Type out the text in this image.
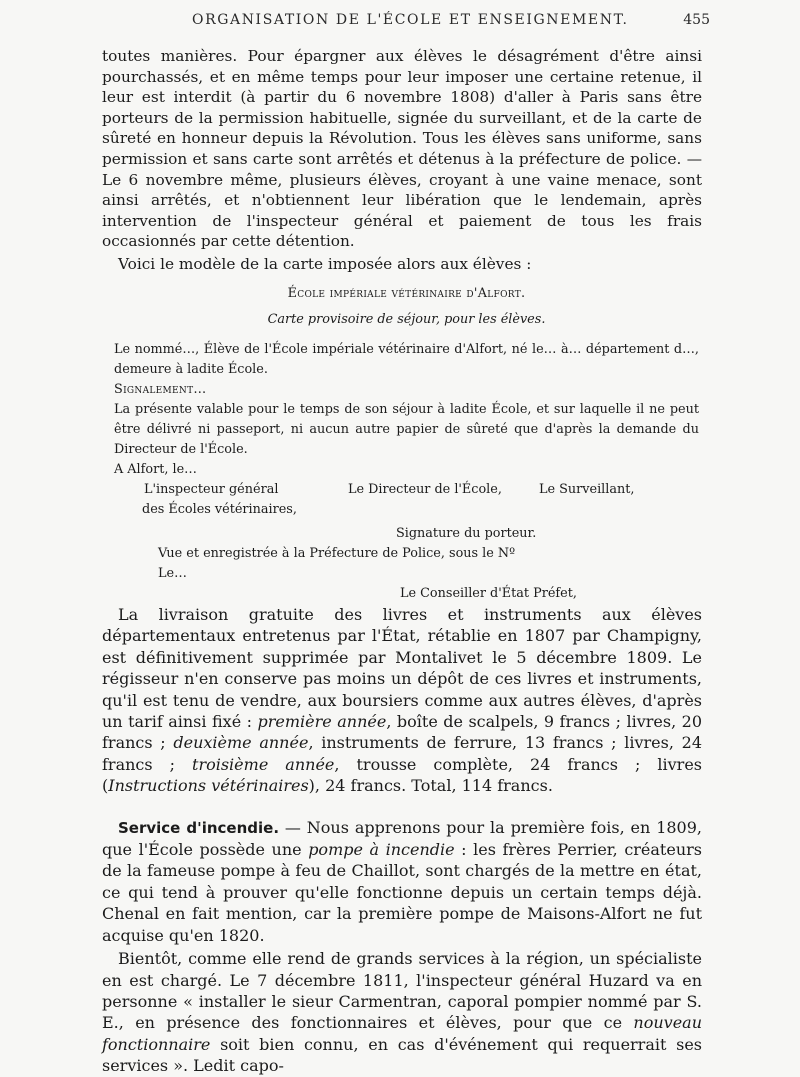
ORGANISATION DE L'ÉCOLE ET ENSEIGNEMENT.	455

toutes manières. Pour épargner aux élèves le désagrément d'être ainsi pourchassés, et en même temps pour leur imposer une certaine retenue, il leur est interdit (à partir du 6 novembre 1808) d'aller à Paris sans être porteurs de la permission habituelle, signée du surveillant, et de la carte de sûreté en honneur depuis la Révolution. Tous les élèves sans uniforme, sans permission et sans carte sont arrêtés et détenus à la préfecture de police. — Le 6 novembre même, plusieurs élèves, croyant à une vaine menace, sont ainsi arrêtés, et n'obtiennent leur libération que le lendemain, après intervention de l'inspecteur général et paiement de tous les frais occasionnés par cette détention.

Voici le modèle de la carte imposée alors aux élèves :

École impériale vétérinaire d'Alfort.

Carte provisoire de séjour, pour les élèves.

Le nommé…, Élève de l'École impériale vétérinaire d'Alfort, né le… à… département d…, demeure à ladite École.

Signalement…

La présente valable pour le temps de son séjour à ladite École, et sur laquelle il ne peut être délivré ni passeport, ni aucun autre papier de sûreté que d'après la demande du Directeur de l'École.

A Alfort, le…

L'inspecteur général	Le Directeur de l'École,	Le Surveillant,

des Écoles vétérinaires,

Signature du porteur.

Vue et enregistrée à la Préfecture de Police, sous le Nº

Le…

Le Conseiller d'État Préfet,

La livraison gratuite des livres et instruments aux élèves départementaux entretenus par l'État, rétablie en 1807 par Champigny, est définitivement supprimée par Montalivet le 5 décembre 1809. Le régisseur n'en conserve pas moins un dépôt de ces livres et instruments, qu'il est tenu de vendre, aux boursiers comme aux autres élèves, d'après un tarif ainsi fixé : première année, boîte de scalpels, 9 francs ; livres, 20 francs ; deuxième année, instruments de ferrure, 13 francs ; livres, 24 francs ; troisième année, trousse complète, 24 francs ; livres (Instructions vétérinaires), 24 francs. Total, 114 francs.

Service d'incendie. — Nous apprenons pour la première fois, en 1809, que l'École possède une pompe à incendie : les frères Perrier, créateurs de la fameuse pompe à feu de Chaillot, sont chargés de la mettre en état, ce qui tend à prouver qu'elle fonctionne depuis un certain temps déjà. Chenal en fait mention, car la première pompe de Maisons-Alfort ne fut acquise qu'en 1820.

Bientôt, comme elle rend de grands services à la région, un spécialiste en est chargé. Le 7 décembre 1811, l'inspecteur général Huzard va en personne « installer le sieur Carmentran, caporal pompier nommé par S. E., en présence des fonctionnaires et élèves, pour que ce nouveau fonctionnaire soit bien connu, en cas d'événement qui requerrait ses services ». Ledit capo-
